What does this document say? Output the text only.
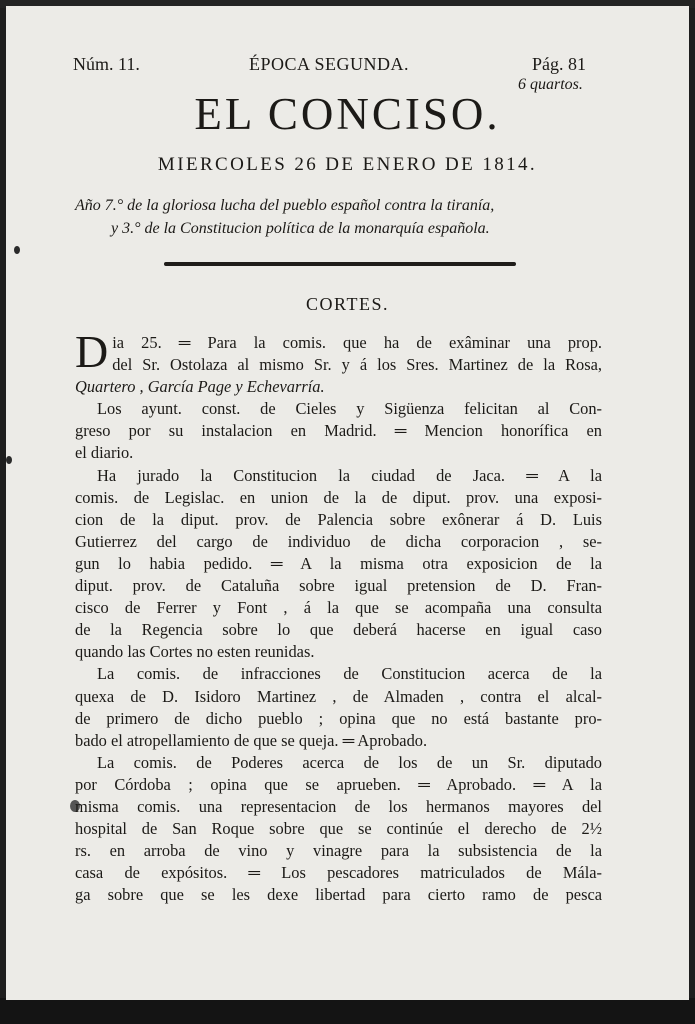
Núm. 11.	ÉPOCA SEGUNDA.	Pág. 81
6 quartos.
EL CONCISO.
MIERCOLES 26 DE ENERO DE 1814.
Año 7.° de la gloriosa lucha del pueblo español contra la tiranía,
y 3.° de la Constitucion política de la monarquía española.
CORTES.
D ia 25. ═ Para la comis. que ha de exâminar una prop.
del Sr. Ostolaza al mismo Sr. y á los Sres. Martinez de la Rosa,
Quartero , García Page y Echevarría.
Los ayunt. const. de Cieles y Sigüenza felicitan al Con-
greso por su instalacion en Madrid. ═ Mencion honorífica en
el diario.
Ha jurado la Constitucion la ciudad de Jaca. ═ A la
comis. de Legislac. en union de la de diput. prov. una exposi-
cion de la diput. prov. de Palencia sobre exônerar á D. Luis
Gutierrez del cargo de individuo de dicha corporacion , se-
gun lo habia pedido. ═ A la misma otra exposicion de la
diput. prov. de Cataluña sobre igual pretension de D. Fran-
cisco de Ferrer y Font , á la que se acompaña una consulta
de la Regencia sobre lo que deberá hacerse en igual caso
quando las Cortes no esten reunidas.
La comis. de infracciones de Constitucion acerca de la
quexa de D. Isidoro Martinez , de Almaden , contra el alcal-
de primero de dicho pueblo ; opina que no está bastante pro-
bado el atropellamiento de que se queja. ═ Aprobado.
La comis. de Poderes acerca de los de un Sr. diputado
por Córdoba ; opina que se aprueben. ═ Aprobado. ═ A la
misma comis. una representacion de los hermanos mayores del
hospital de San Roque sobre que se continúe el derecho de 2½
rs. en arroba de vino y vinagre para la subsistencia de la
casa de expósitos. ═ Los pescadores matriculados de Mála-
ga sobre que se les dexe libertad para cierto ramo de pesca
